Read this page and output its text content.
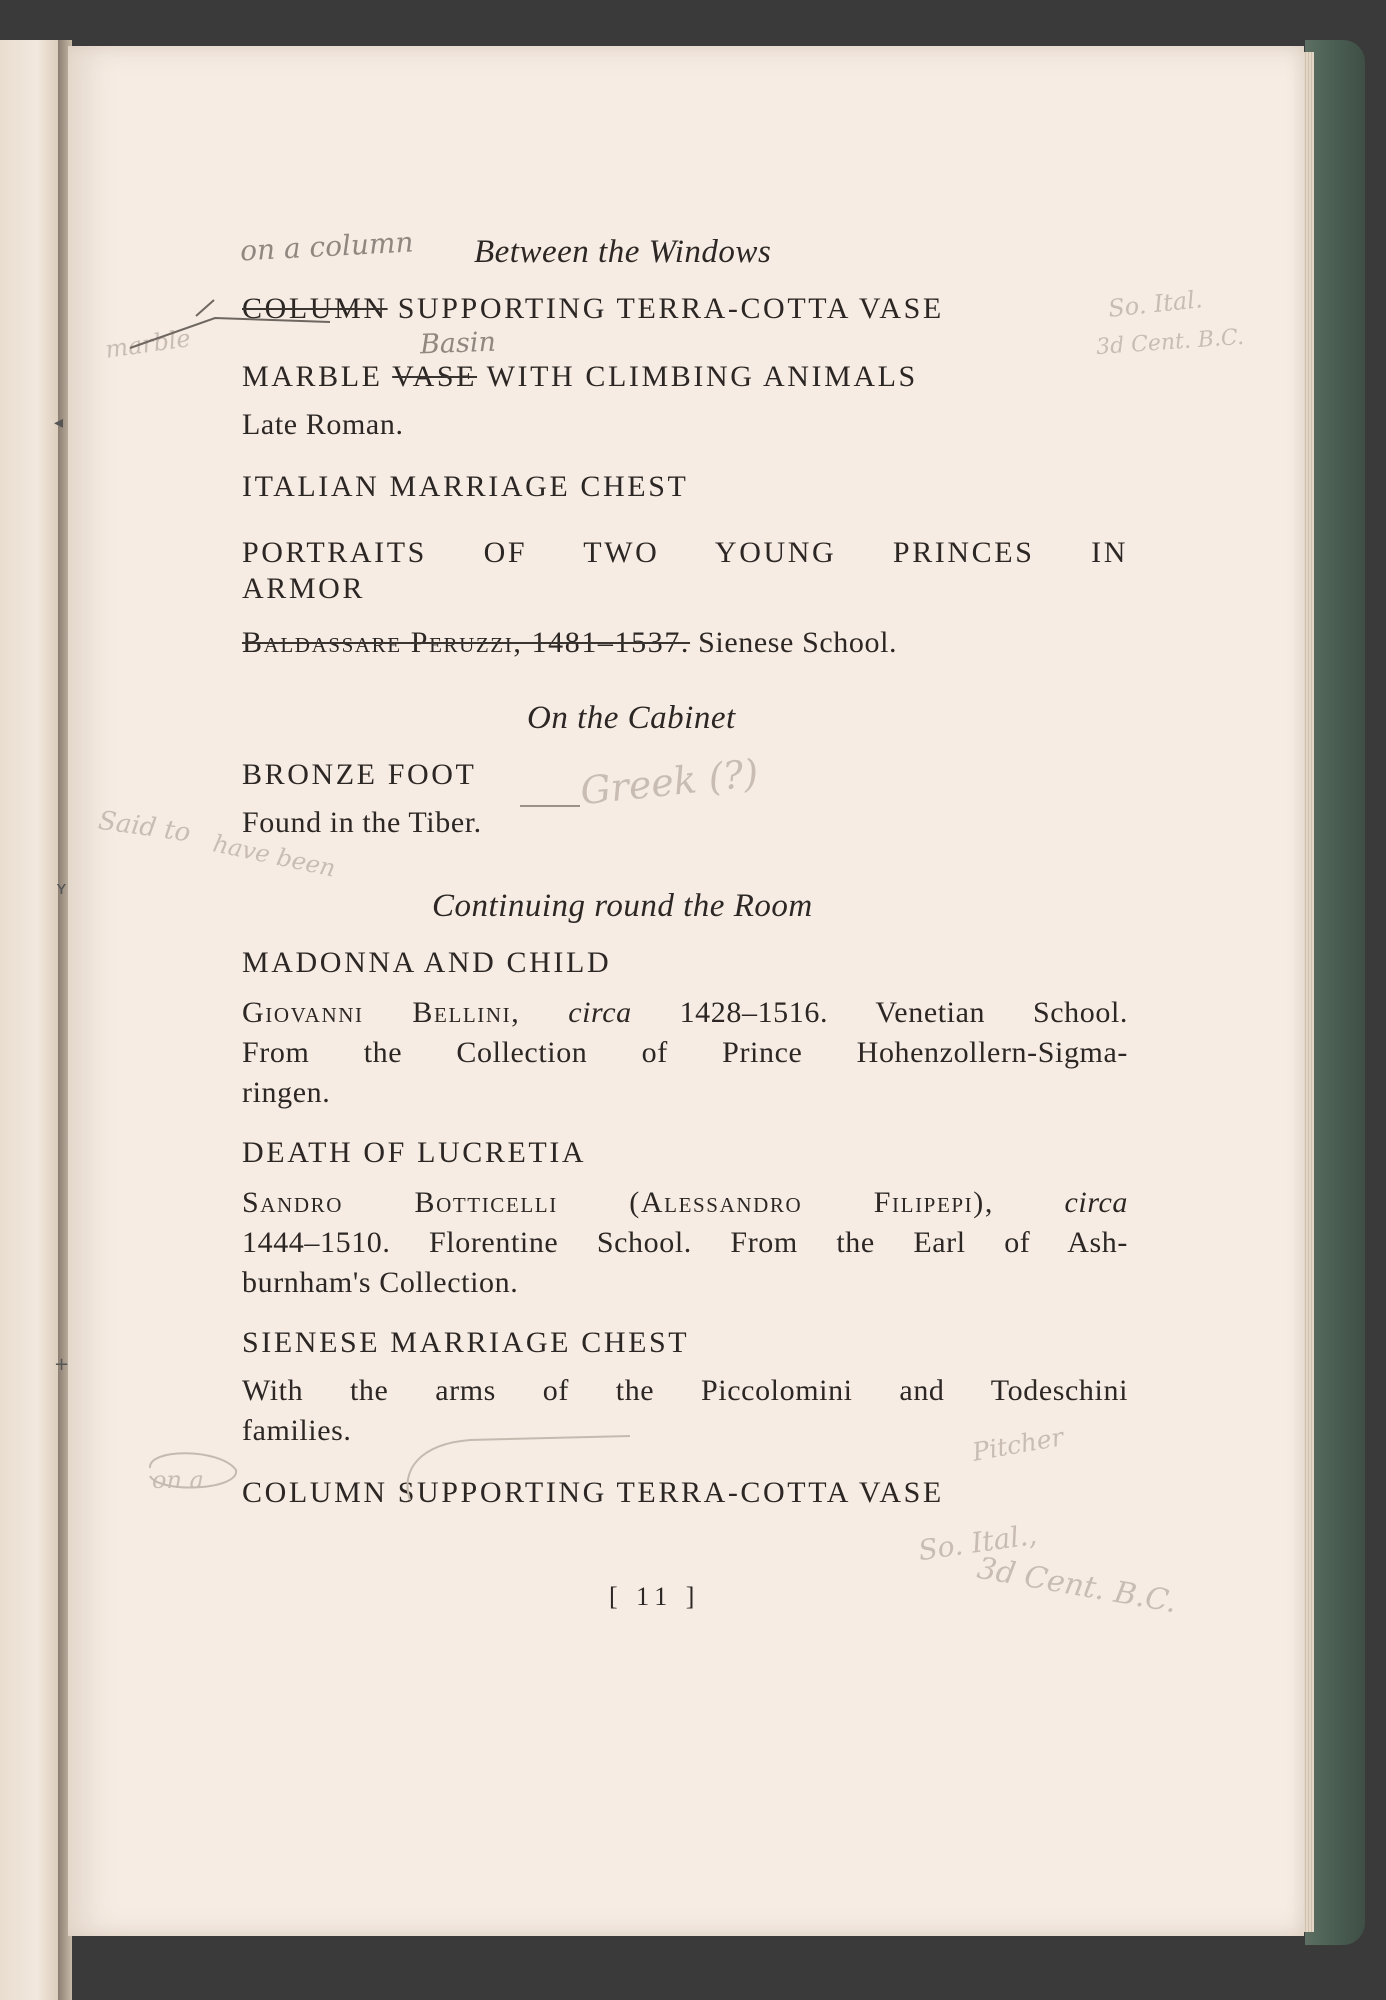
Between the Windows
COLUMN SUPPORTING TERRA-COTTA VASE
MARBLE VASE WITH CLIMBING ANIMALS
Late Roman.
ITALIAN MARRIAGE CHEST
PORTRAITS OF TWO YOUNG PRINCES IN
ARMOR
Baldassare Peruzzi, 1481–1537. Sienese School.
On the Cabinet
BRONZE FOOT
Found in the Tiber.
Continuing round the Room
MADONNA AND CHILD
Giovanni Bellini, circa 1428–1516. Venetian School.
From the Collection of Prince Hohenzollern-Sigma-
ringen.
DEATH OF LUCRETIA
Sandro Botticelli (Alessandro Filipepi), circa
1444–1510. Florentine School. From the Earl of Ash-
burnham's Collection.
SIENESE MARRIAGE CHEST
With the arms of the Piccolomini and Todeschini
families.
COLUMN SUPPORTING TERRA-COTTA VASE
[ 11 ]
◂
ʏ
+
on a column
Basin
marble
So. Ital.
3d Cent. B.C.
Greek (?)
Said to
have been
Pitcher
on a
So. Ital.,
3d Cent. B.C.
